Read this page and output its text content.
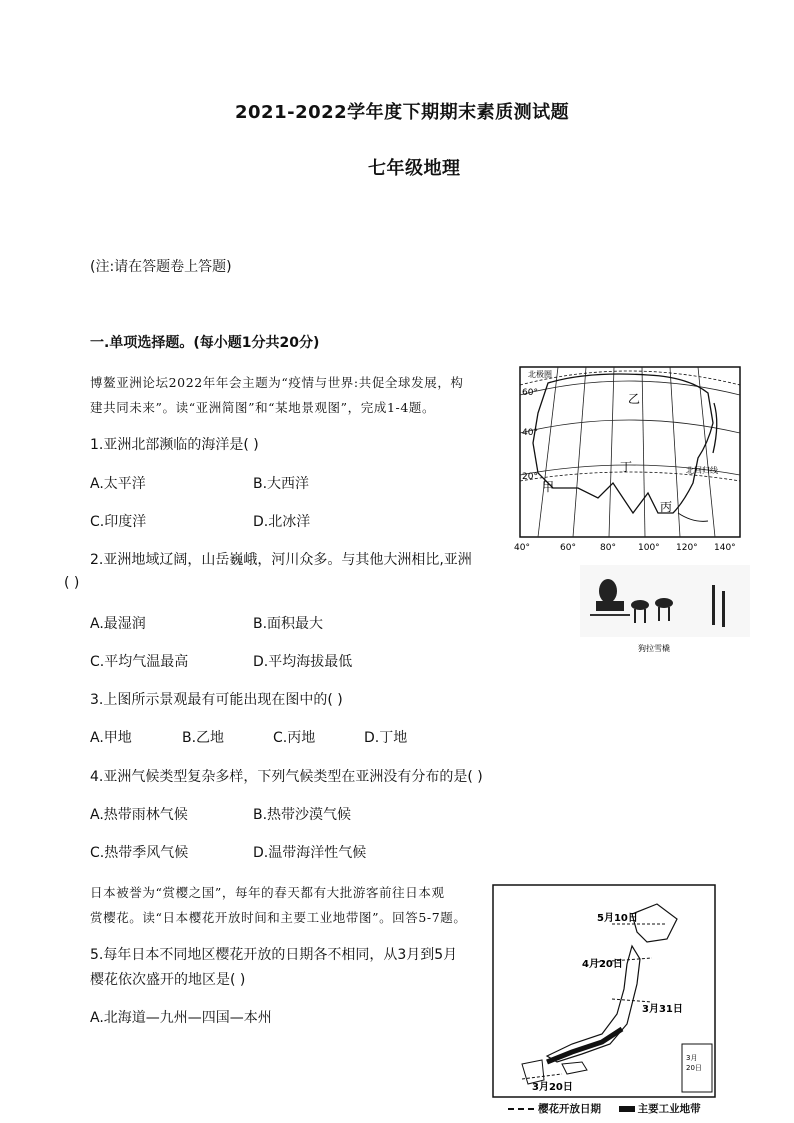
2021-2022学年度下期期末素质测试题
七年级地理
(注:请在答题卷上答题)
一.单项选择题。(每小题1分共20分)
博鳌亚洲论坛2022年年会主题为“疫情与世界:共促全球发展，构
建共同未来”。读“亚洲简图”和“某地景观图”，完成1-4题。
1.亚洲北部濒临的海洋是( )
A.太平洋	B.大西洋
C.印度洋	D.北冰洋
2.亚洲地域辽阔，山岳巍峨，河川众多。与其他大洲相比,亚洲
( )
A.最湿润	B.面积最大
C.平均气温最高	D.平均海拔最低
3.上图所示景观最有可能出现在图中的( )
A.甲地	B.乙地	C.丙地	D.丁地
4.亚洲气候类型复杂多样，下列气候类型在亚洲没有分布的是( )
A.热带雨林气候	B.热带沙漠气候
C.热带季风气候	D.温带海洋性气候
日本被誉为“赏樱之国”，每年的春天都有大批游客前往日本观
赏樱花。读“日本樱花开放时间和主要工业地带图”。回答5-7题。
5.每年日本不同地区樱花开放的日期各不相同，从3月到5月
樱花依次盛开的地区是( )
A.北海道—九州—四国—本州
北极圈
北回归线
60°
40°
20°
甲
乙
丙
丁
40°	60°	80° 100° 120° 140°
狗拉雪橇
3月
20日
5月10日
4月20日
3月31日
3月20日
樱花开放日期	主要工业地带
